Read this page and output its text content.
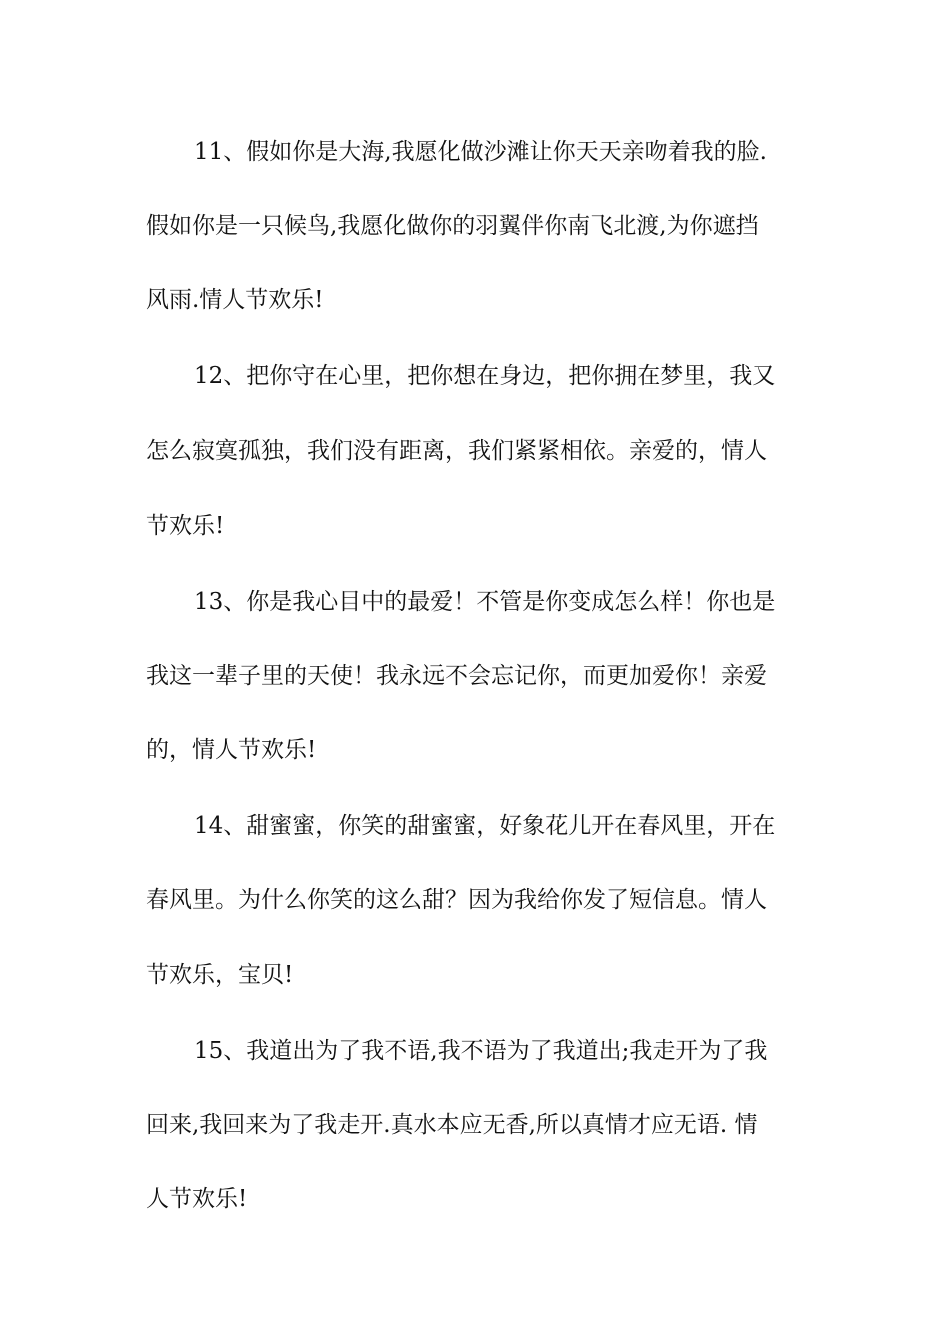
11、假如你是大海,我愿化做沙滩让你天天亲吻着我的脸.
假如你是一只候鸟,我愿化做你的羽翼伴你南飞北渡,为你遮挡
风雨.情人节欢乐!
12、把你守在心里，把你想在身边，把你拥在梦里，我又
怎么寂寞孤独，我们没有距离，我们紧紧相依。亲爱的，情人
节欢乐!
13、你是我心目中的最爱！不管是你变成怎么样！你也是
我这一辈子里的天使！我永远不会忘记你，而更加爱你！亲爱
的，情人节欢乐!
14、甜蜜蜜，你笑的甜蜜蜜，好象花儿开在春风里，开在
春风里。为什么你笑的这么甜？因为我给你发了短信息。情人
节欢乐，宝贝!
15、我道出为了我不语,我不语为了我道出;我走开为了我
回来,我回来为了我走开.真水本应无香,所以真情才应无语. 情
人节欢乐!
